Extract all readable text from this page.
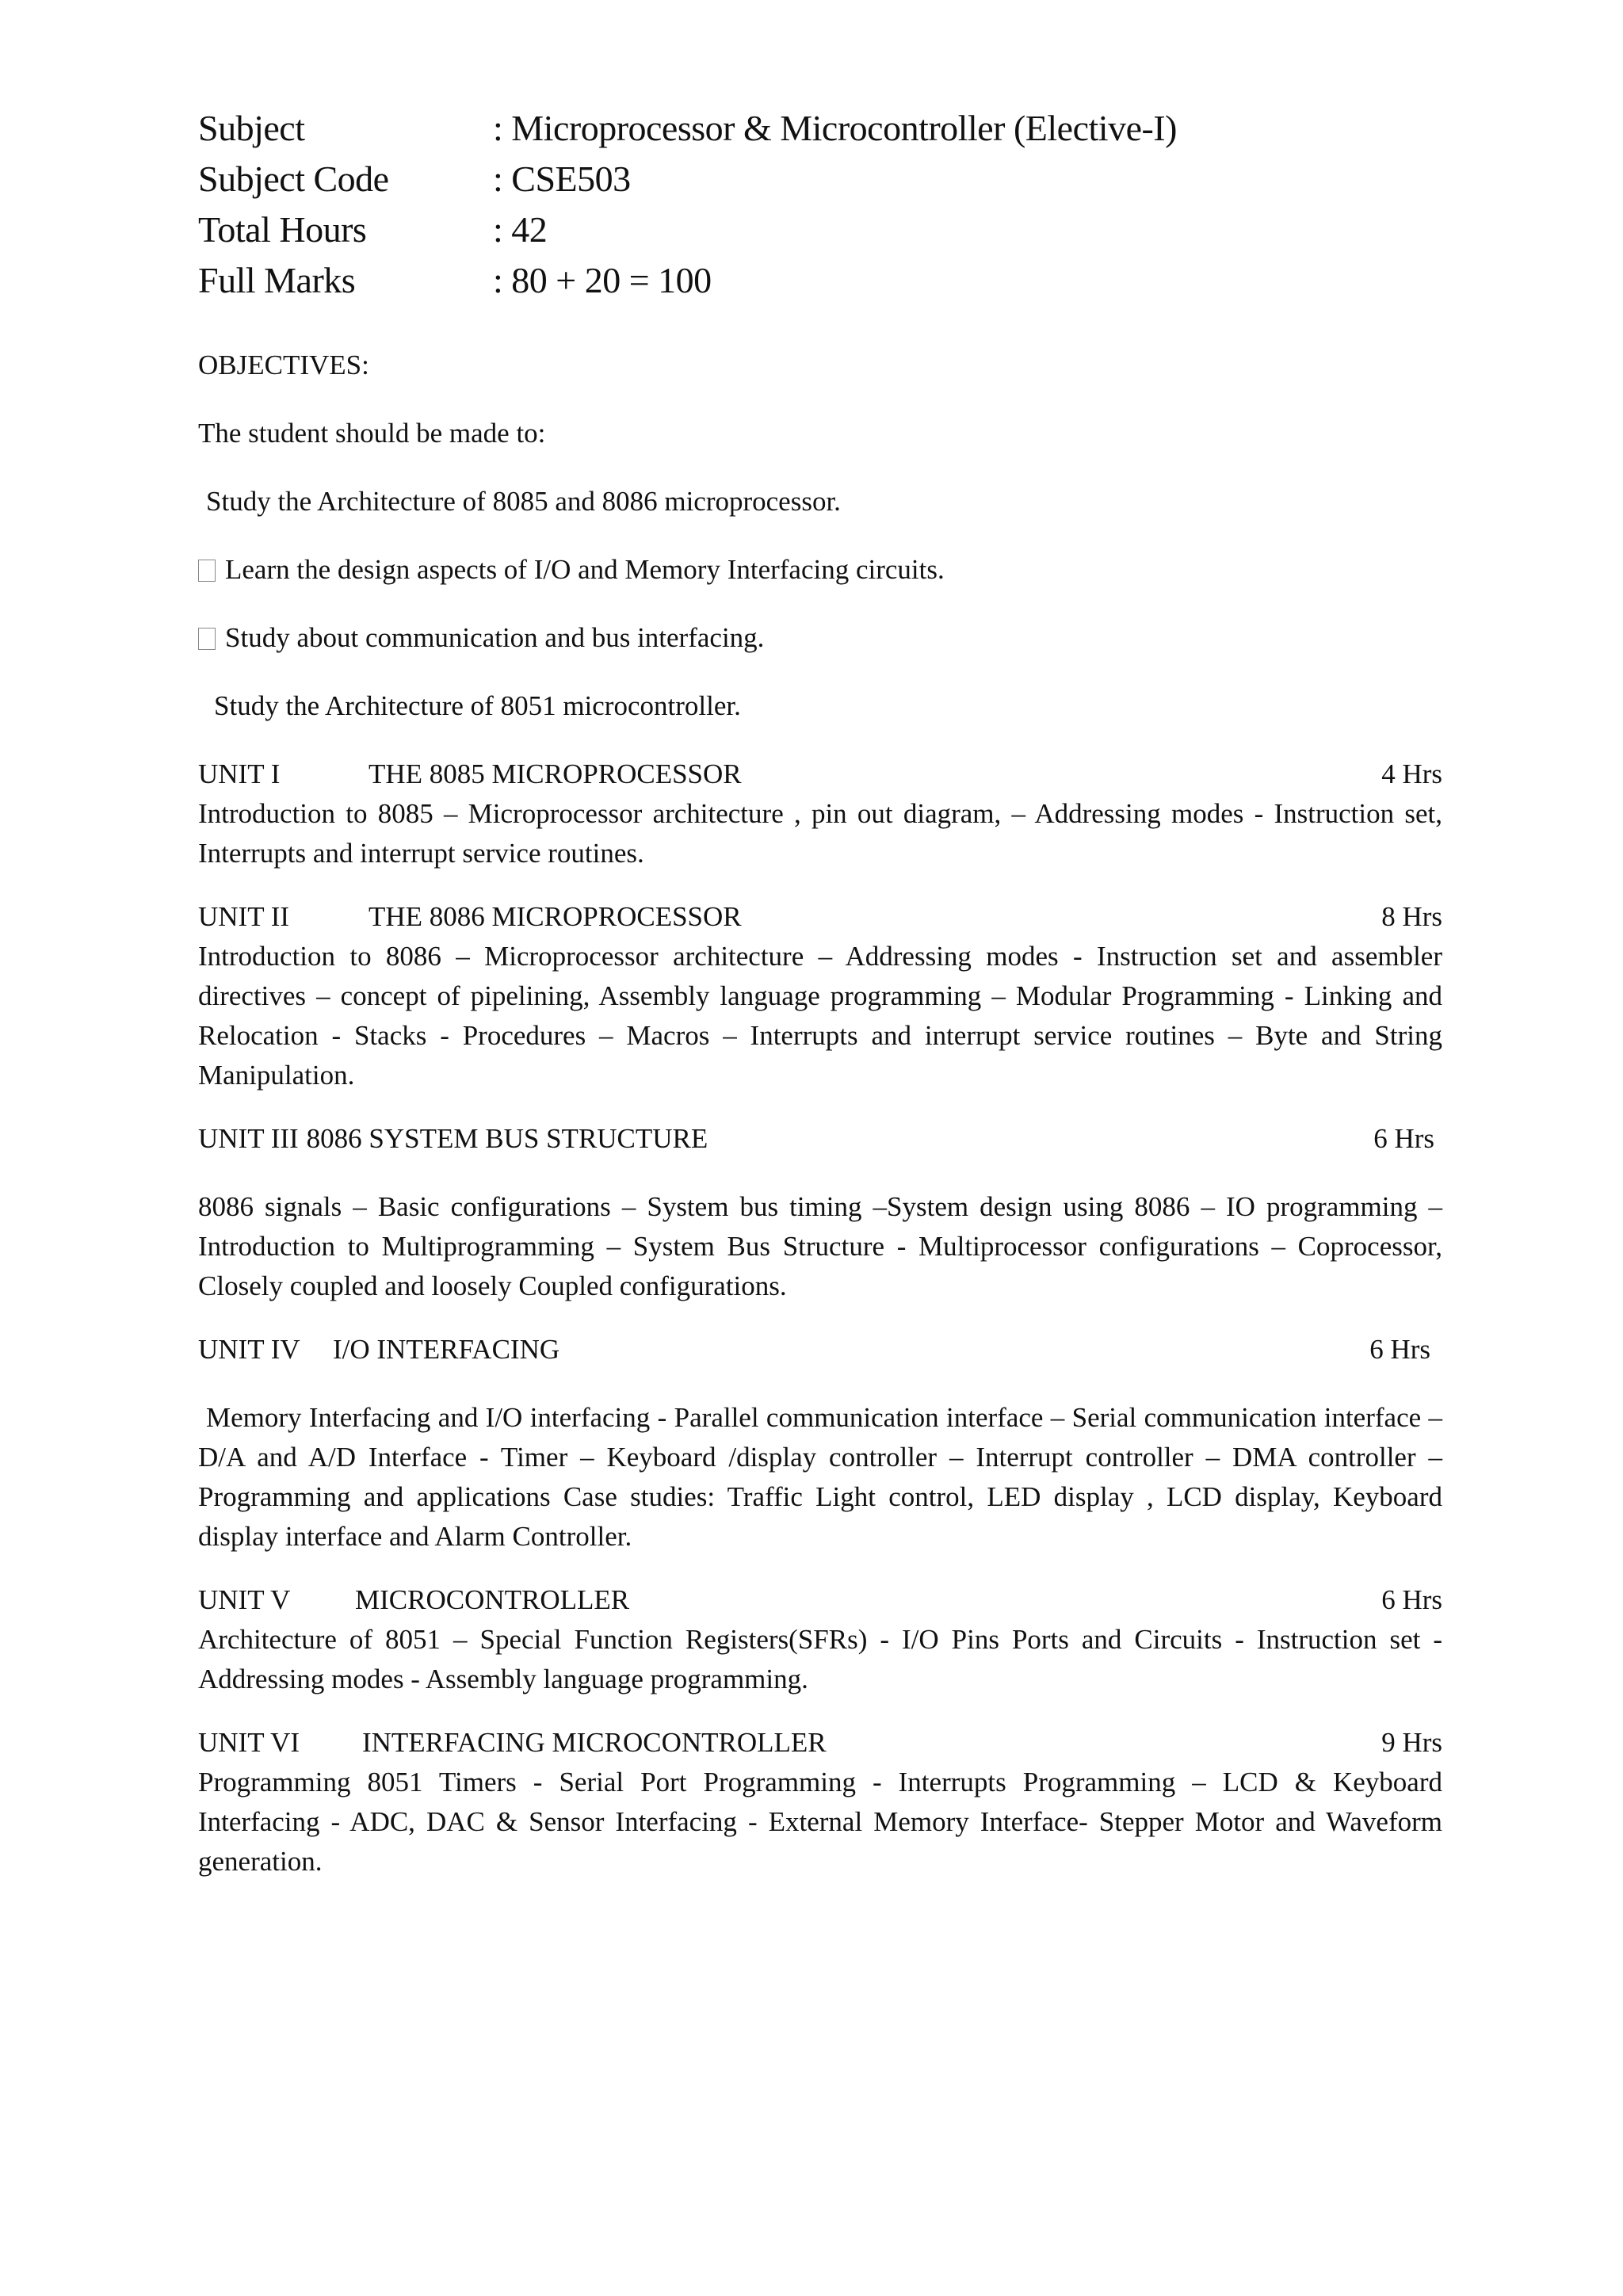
Subject	: Microprocessor & Microcontroller (Elective-I)
Subject Code	: CSE503
Total Hours	: 42
Full Marks	: 80 + 20 = 100

OBJECTIVES:

The student should be made to:

Study the Architecture of 8085 and 8086 microprocessor.

Learn the design aspects of I/O and Memory Interfacing circuits.

Study about communication and bus interfacing.

Study the Architecture of 8051 microcontroller.

UNIT I	THE 8085 MICROPROCESSOR	4 Hrs

Introduction to 8085 – Microprocessor architecture , pin out diagram, – Addressing modes - Instruction set, Interrupts and interrupt service routines.

UNIT II	THE 8086 MICROPROCESSOR	8 Hrs

Introduction to 8086 – Microprocessor architecture – Addressing modes - Instruction set and assembler directives – concept of pipelining, Assembly language programming – Modular Programming - Linking and Relocation - Stacks - Procedures – Macros – Interrupts and interrupt service routines – Byte and String Manipulation.

UNIT III 8086 SYSTEM BUS STRUCTURE	6 Hrs

8086 signals – Basic configurations – System bus timing –System design using 8086 – IO programming – Introduction to Multiprogramming – System Bus Structure - Multiprocessor configurations – Coprocessor, Closely coupled and loosely Coupled configurations.

UNIT IV	I/O INTERFACING	6 Hrs

Memory Interfacing and I/O interfacing - Parallel communication interface – Serial communication interface – D/A and A/D Interface - Timer – Keyboard /display controller – Interrupt controller – DMA controller – Programming and applications Case studies: Traffic Light control, LED display , LCD display, Keyboard display interface and Alarm Controller.

UNIT V	MICROCONTROLLER	6 Hrs

Architecture of 8051 – Special Function Registers(SFRs) - I/O Pins Ports and Circuits - Instruction set - Addressing modes - Assembly language programming.

UNIT VI	INTERFACING MICROCONTROLLER	9 Hrs

Programming 8051 Timers - Serial Port Programming - Interrupts Programming – LCD & Keyboard Interfacing - ADC, DAC & Sensor Interfacing - External Memory Interface- Stepper Motor and Waveform generation.
